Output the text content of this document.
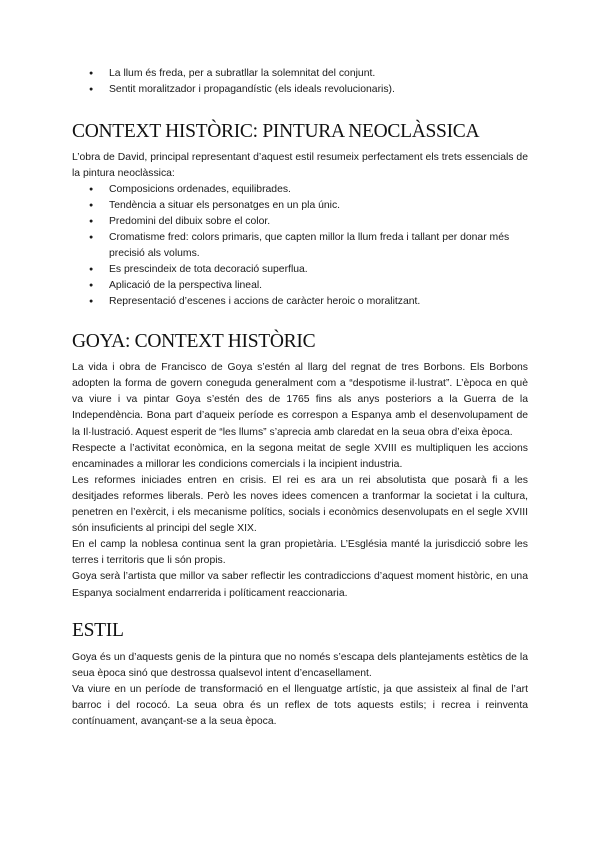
● La llum és freda, per a subratllar la solemnitat del conjunt.
● Sentit moralitzador i propagandístic (els ideals revolucionaris).
CONTEXT HISTÒRIC: PINTURA NEOCLÀSSICA

L’obra de David, principal representant d’aquest estil resumeix perfectament els trets essencials de la pintura neoclàssica:

● Composicions ordenades, equilibrades.
● Tendència a situar els personatges en un pla únic.
● Predomini del dibuix sobre el color.
● Cromatisme fred: colors primaris, que capten millor la llum freda i tallant per donar més precisió als volums.
● Es prescindeix de tota decoració superflua.
● Aplicació de la perspectiva lineal.
● Representació d’escenes i accions de caràcter heroic o moralitzant.
GOYA: CONTEXT HISTÒRIC

La vida i obra de Francisco de Goya s’estén al llarg del regnat de tres Borbons. Els Borbons adopten la forma de govern coneguda generalment com a “despotisme il·lustrat”. L’època en què va viure i va pintar Goya s’estén des de 1765 fins als anys posteriors a la Guerra de la Independència. Bona part d’aqueix període es correspon a Espanya amb el desenvolupament de la Il·lustració. Aquest esperit de “les llums” s’aprecia amb claredat en la seua obra d’eixa època.

Respecte a l’activitat econòmica, en la segona meitat de segle XVIII es multipliquen les accions encaminades a millorar les condicions comercials i la incipient industria.

Les reformes iniciades entren en crisis. El rei es ara un rei absolutista que posarà fi a les desitjades reformes liberals. Però les noves idees comencen a tranformar la societat i la cultura, penetren en l’exèrcit, i els mecanisme polítics, socials i econòmics desenvolupats en el segle XVIII són insuficients al principi del segle XIX.

En el camp la noblesa continua sent la gran propietària. L’Església manté la jurisdicció sobre les terres i territoris que li són propis.

Goya serà l’artista que millor va saber reflectir les contradiccions d’aquest moment històric, en una Espanya socialment endarrerida i políticament reaccionaria.

ESTIL

Goya és un d’aquests genis de la pintura que no només s’escapa dels plantejaments estètics de la seua època sinó que destrossa qualsevol intent d’encasellament.

Va viure en un període de transformació en el llenguatge artístic, ja que assisteix al final de l’art barroc i del rococó. La seua obra és un reflex de tots aquests estils; i recrea i reinventa contínuament, avançant-se a la seua època.
